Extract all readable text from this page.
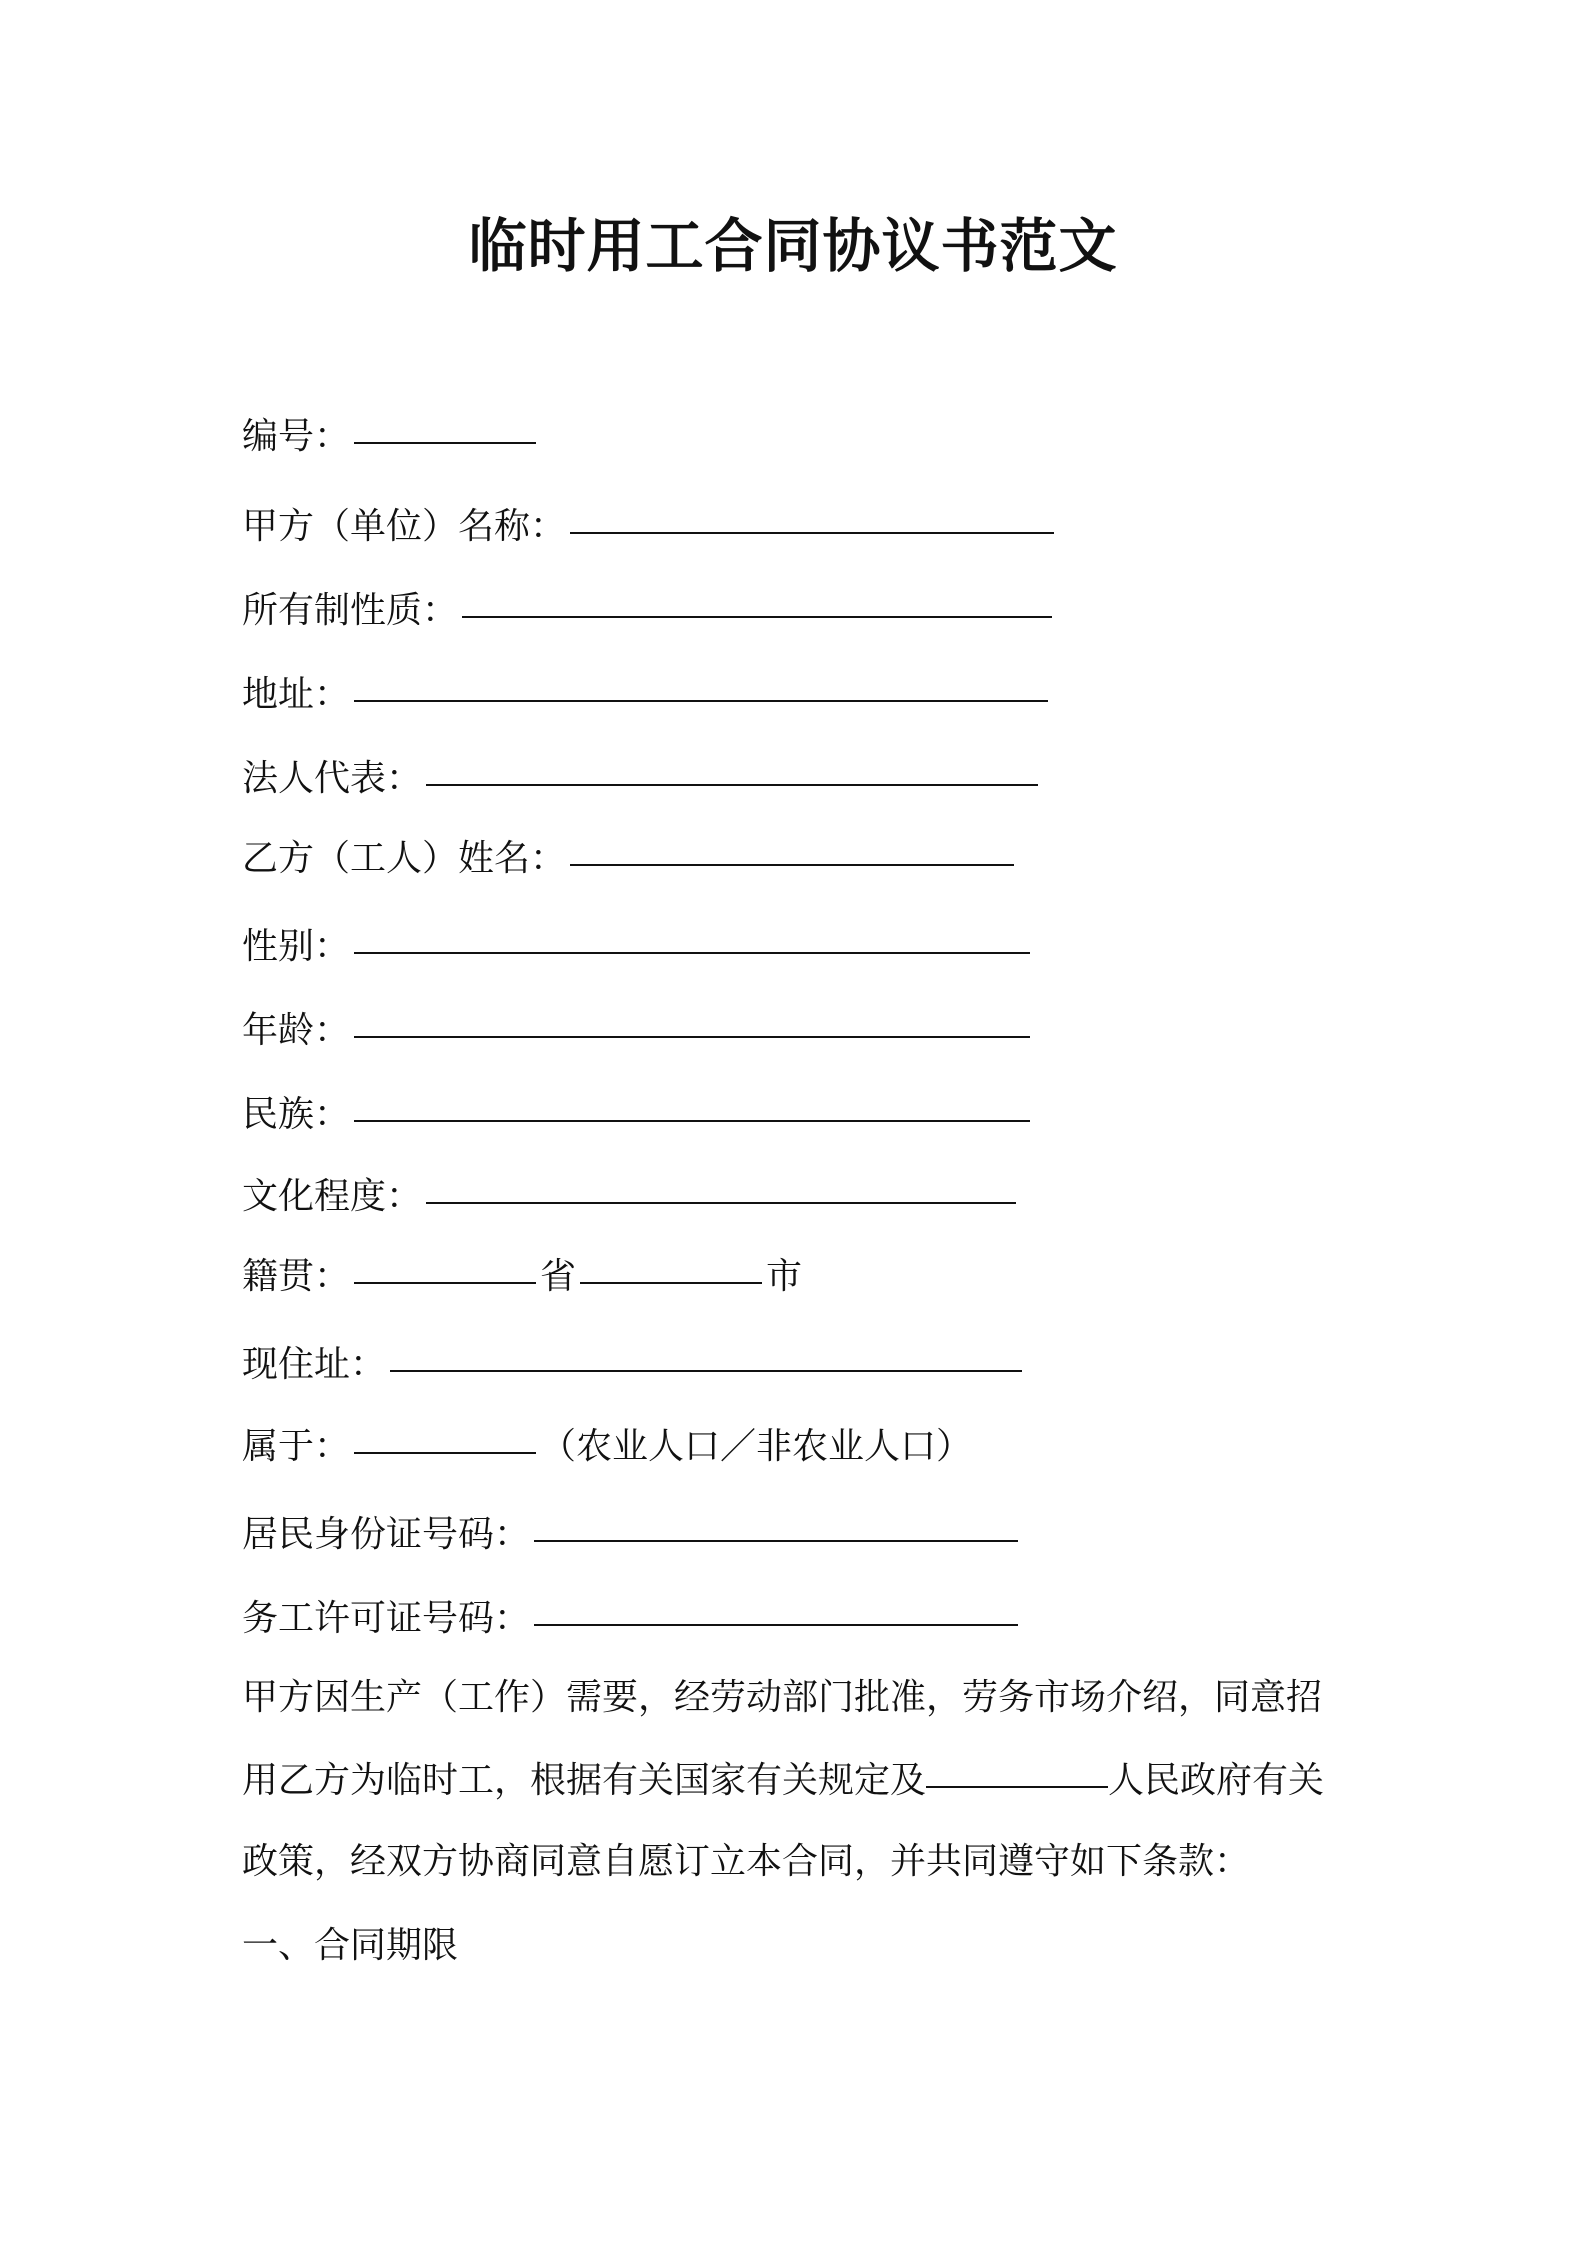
临时用工合同协议书范文
编号：
甲方（单位）名称：
所有制性质：
地址：
法人代表：
乙方（工人）姓名：
性别：
年龄：
民族：
文化程度：
籍贯：	省	市
现住址：
属于：	（农业人口／非农业人口）
居民身份证号码：
务工许可证号码：
甲方因生产（工作）需要，经劳动部门批准，劳务市场介绍，同意招
用乙方为临时工，根据有关国家有关规定及	人民政府有关
政策，经双方协商同意自愿订立本合同，并共同遵守如下条款：
一、合同期限
